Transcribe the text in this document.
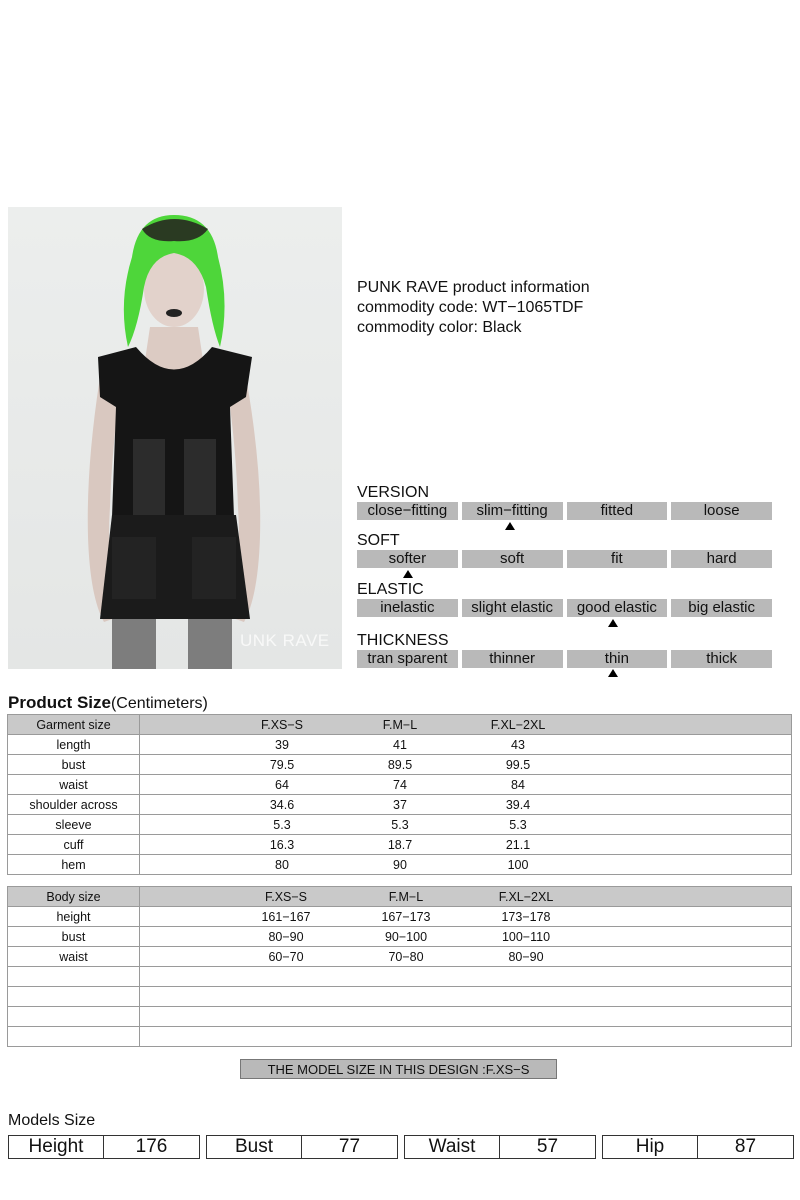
UNK RAVE
PUNK RAVE product information
commodity code: WT−1065TDF
commodity color: Black
VERSION
close−fitting	slim−fitting	fitted	loose
SOFT
softer	soft	fit	hard
ELASTIC
inelastic	slight elastic	good elastic	big elastic
THICKNESS
tran sparent	thinner	thin	thick
Product Size(Centimeters)
Garment size	F.XS−S F.M−L F.XL−2XL

length	39 41 43

bust	79.5 89.5 99.5

waist	64 74 84

shoulder across	34.6 37 39.4

sleeve	5.3 5.3 5.3

cuff	16.3 18.7 21.1

hem	80 90 100
Body size	F.XS−S F.M−L F.XL−2XL

height	161−167 167−173 173−178

bust	80−90 90−100 100−110

waist	60−70 70−80 80−90

THE MODEL SIZE IN THIS DESIGN :F.XS−S
Models Size
Height	176	Bust	77	Waist	57	Hip	87
